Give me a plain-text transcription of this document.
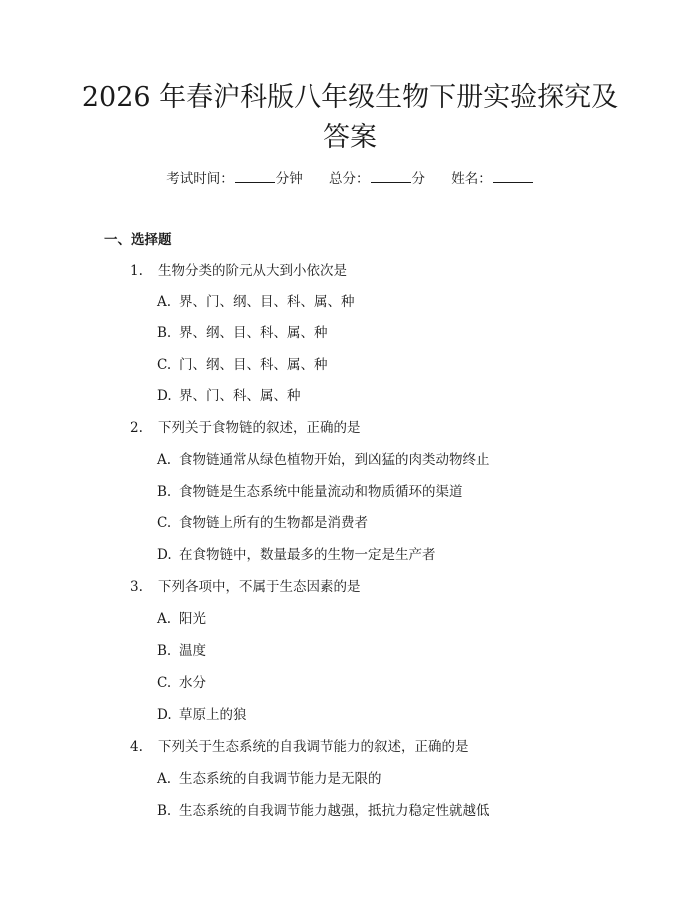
2026 年春沪科版八年级生物下册实验探究及
答案
考试时间：	分钟 总分：	分 姓名：
一、选择题
1. 生物分类的阶元从大到小依次是
A. 界、门、纲、目、科、属、种
B. 界、纲、目、科、属、种
C. 门、纲、目、科、属、种
D. 界、门、科、属、种
2. 下列关于食物链的叙述，正确的是
A. 食物链通常从绿色植物开始，到凶猛的肉类动物终止
B. 食物链是生态系统中能量流动和物质循环的渠道
C. 食物链上所有的生物都是消费者
D. 在食物链中，数量最多的生物一定是生产者
3. 下列各项中，不属于生态因素的是
A. 阳光
B. 温度
C. 水分
D. 草原上的狼
4. 下列关于生态系统的自我调节能力的叙述，正确的是
A. 生态系统的自我调节能力是无限的
B. 生态系统的自我调节能力越强，抵抗力稳定性就越低
